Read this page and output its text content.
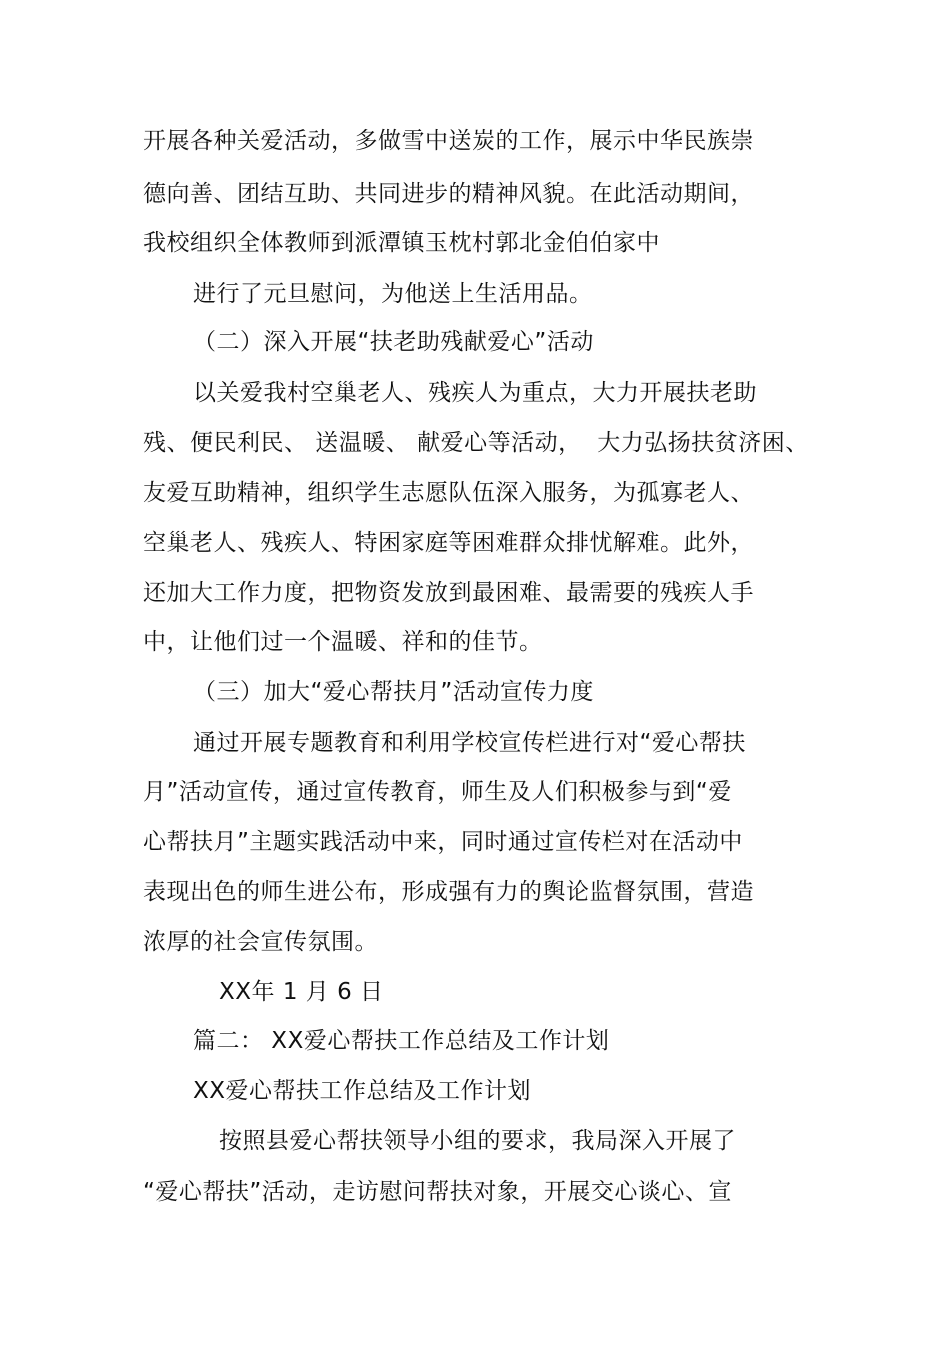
开展各种关爱活动，多做雪中送炭的工作，展示中华民族崇
德向善、团结互助、共同进步的精神风貌。在此活动期间，
我校组织全体教师到派潭镇玉枕村郭北金伯伯家中
进行了元旦慰问，为他送上生活用品。
（二）深入开展“扶老助残献爱心”活动
以关爱我村空巢老人、残疾人为重点，大力开展扶老助
残、便民利民、 送温暖、 献爱心等活动，  大力弘扬扶贫济困、
友爱互助精神，组织学生志愿队伍深入服务，为孤寡老人、
空巢老人、残疾人、特困家庭等困难群众排忧解难。此外，
还加大工作力度，把物资发放到最困难、最需要的残疾人手
中，让他们过一个温暖、祥和的佳节。
（三）加大“爱心帮扶月”活动宣传力度
通过开展专题教育和利用学校宣传栏进行对“爱心帮扶
月”活动宣传，通过宣传教育，师生及人们积极参与到“爱
心帮扶月”主题实践活动中来，同时通过宣传栏对在活动中
表现出色的师生进公布，形成强有力的舆论监督氛围，营造
浓厚的社会宣传氛围。
XX年 1 月 6 日
篇二： XX爱心帮扶工作总结及工作计划
XX爱心帮扶工作总结及工作计划
按照县爱心帮扶领导小组的要求，我局深入开展了
“爱心帮扶”活动，走访慰问帮扶对象，开展交心谈心、宣
